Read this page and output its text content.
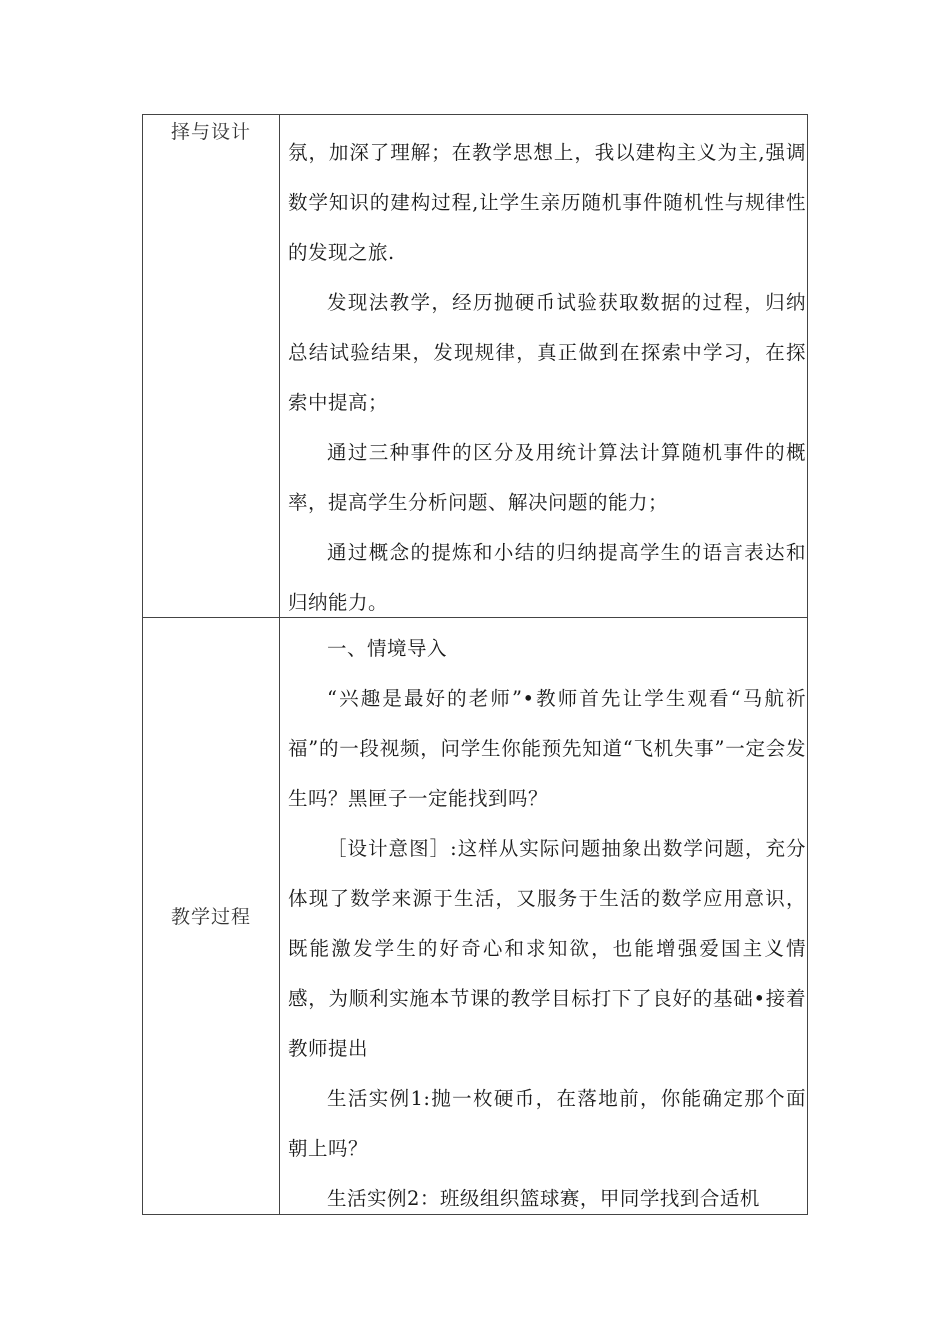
择与设计

氛，加深了理解；在教学思想上，我以建构主义为主,强调数学知识的建构过程,让学生亲历随机事件随机性与规律性的发现之旅.

发现法教学，经历抛硬币试验获取数据的过程，归纳总结试验结果，发现规律，真正做到在探索中学习，在探索中提高；

通过三种事件的区分及用统计算法计算随机事件的概率，提高学生分析问题、解决问题的能力；

通过概念的提炼和小结的归纳提高学生的语言表达和归纳能力。

教学过程

一、情境导入

“兴趣是最好的老师”•教师首先让学生观看“马航祈福”的一段视频，问学生你能预先知道“飞机失事”一定会发生吗？黑匣子一定能找到吗？

［设计意图］:这样从实际问题抽象出数学问题，充分体现了数学来源于生活，又服务于生活的数学应用意识，既能激发学生的好奇心和求知欲，也能增强爱国主义情感，为顺利实施本节课的教学目标打下了良好的基础•接着教师提出

生活实例1:抛一枚硬币，在落地前，你能确定那个面朝上吗？

生活实例2：班级组织篮球赛，甲同学找到合适机
